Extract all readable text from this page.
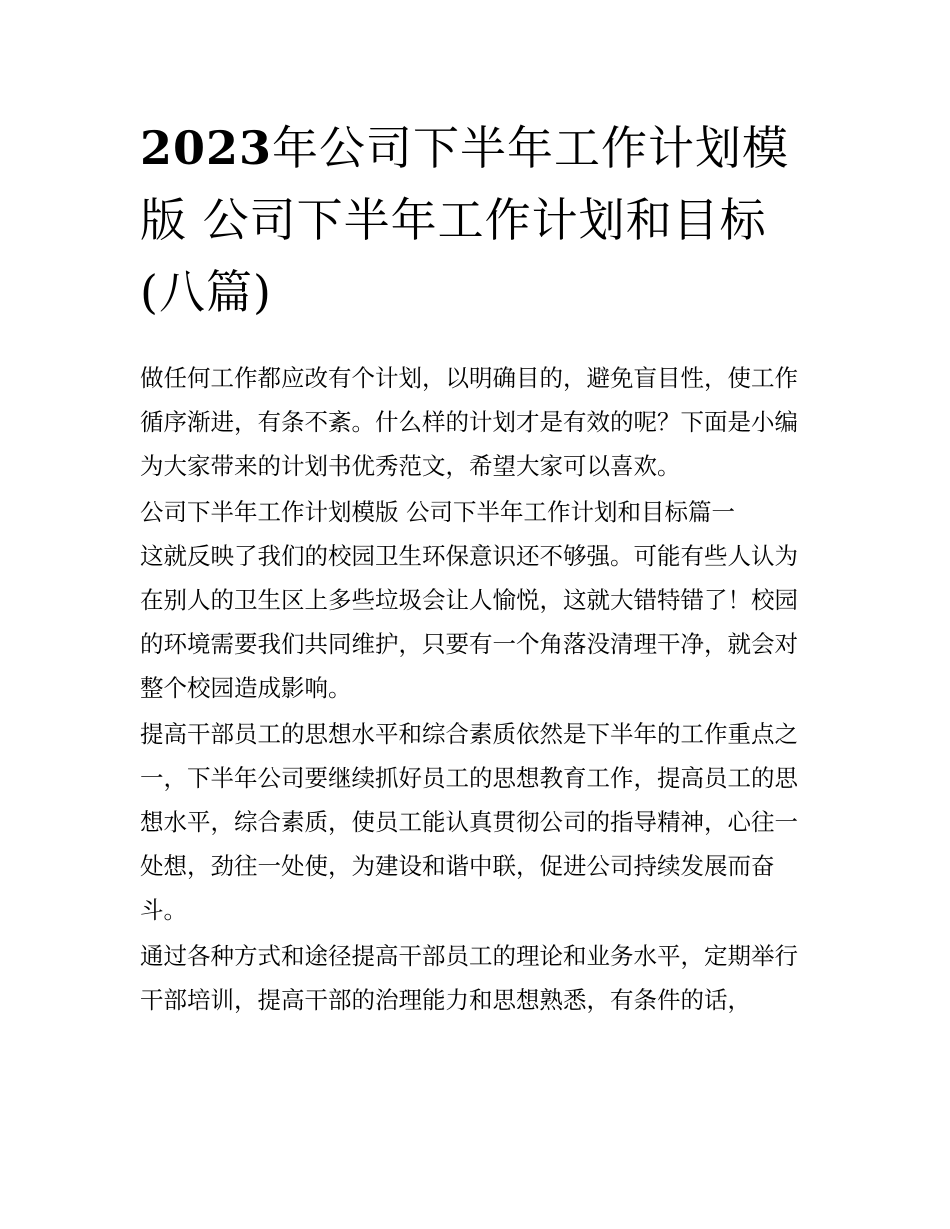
2023年公司下半年工作计划模版 公司下半年工作计划和目标(八篇)

做任何工作都应改有个计划，以明确目的，避免盲目性，使工作循序渐进，有条不紊。什么样的计划才是有效的呢？下面是小编为大家带来的计划书优秀范文，希望大家可以喜欢。

公司下半年工作计划模版 公司下半年工作计划和目标篇一

这就反映了我们的校园卫生环保意识还不够强。可能有些人认为在别人的卫生区上多些垃圾会让人愉悦，这就大错特错了！校园的环境需要我们共同维护，只要有一个角落没清理干净，就会对整个校园造成影响。

提高干部员工的思想水平和综合素质依然是下半年的工作重点之一，下半年公司要继续抓好员工的思想教育工作，提高员工的思想水平，综合素质，使员工能认真贯彻公司的指导精神，心往一处想，劲往一处使，为建设和谐中联，促进公司持续发展而奋斗。

通过各种方式和途径提高干部员工的理论和业务水平，定期举行干部培训，提高干部的治理能力和思想熟悉，有条件的话，
